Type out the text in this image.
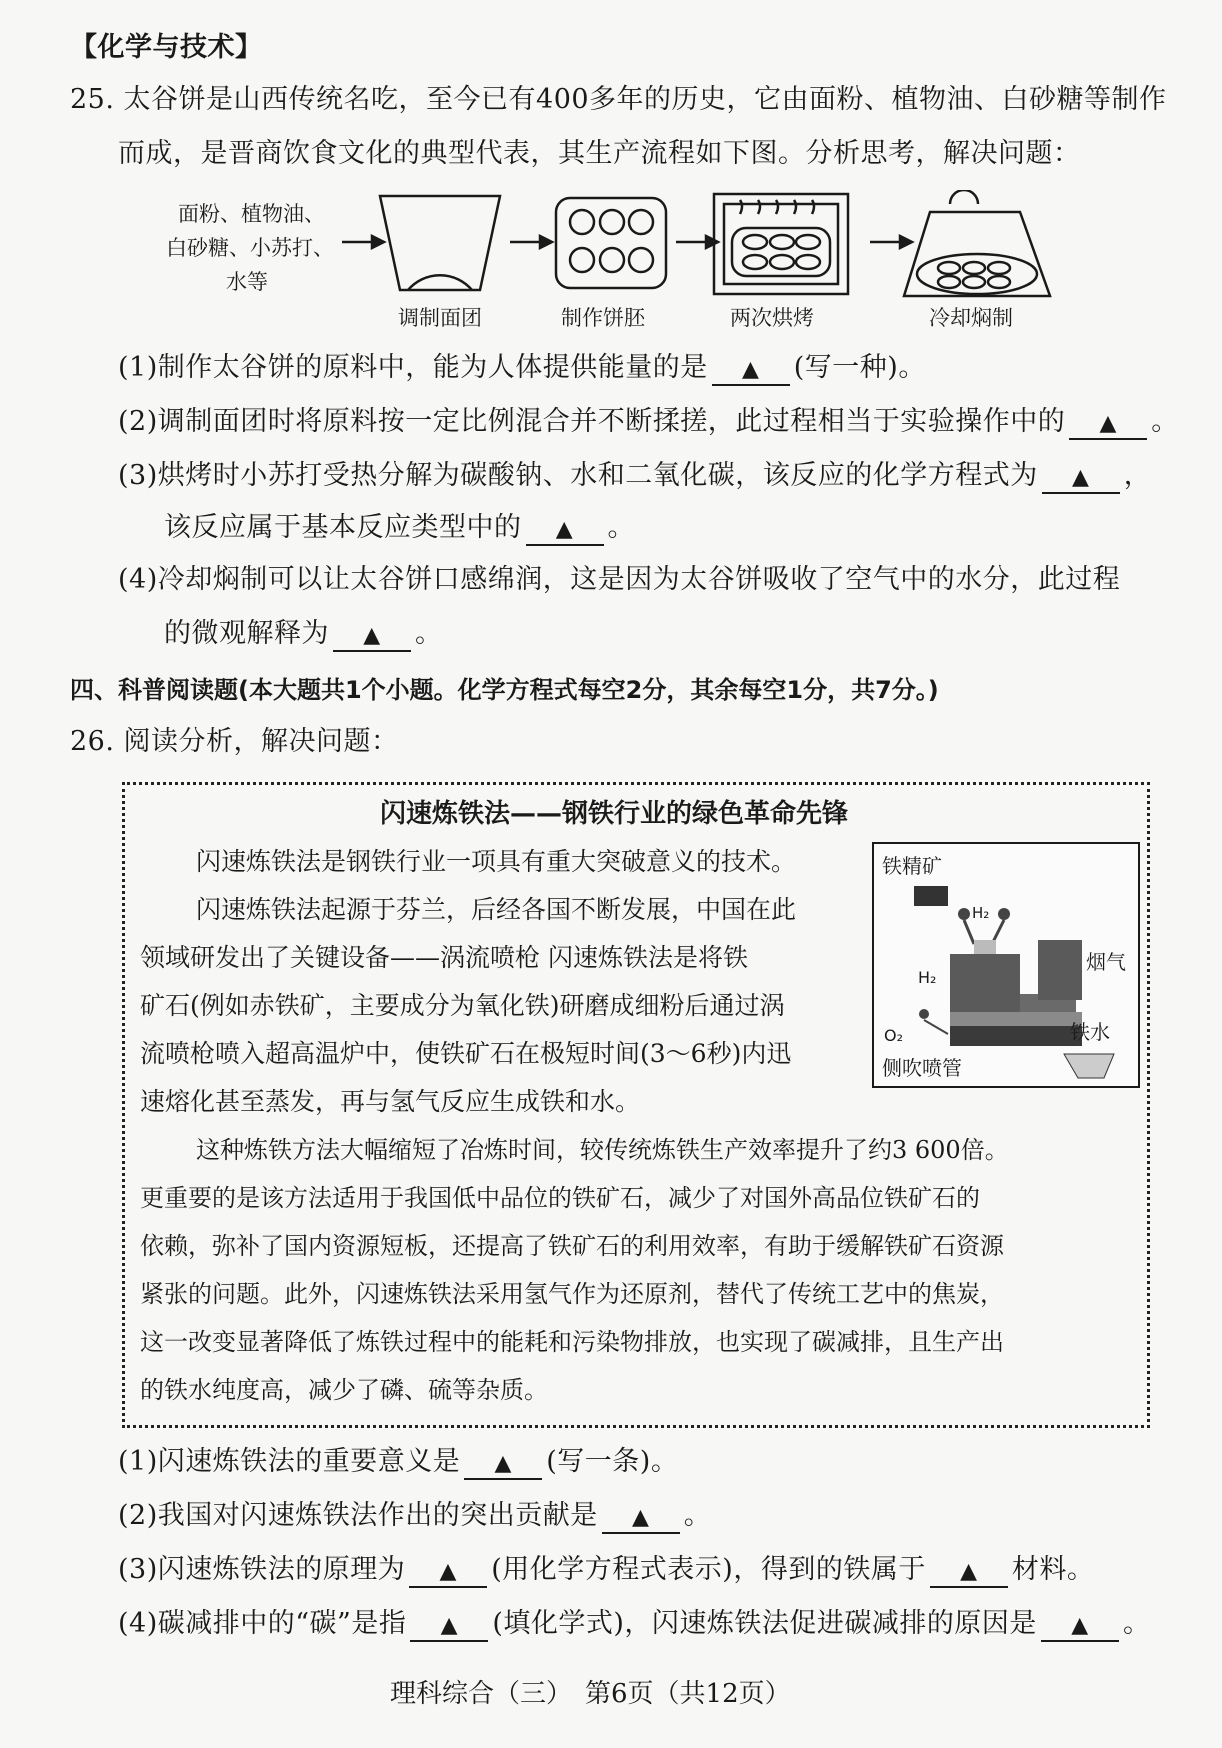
【化学与技术】
25. 太谷饼是山西传统名吃，至今已有400多年的历史，它由面粉、植物油、白砂糖等制作
而成，是晋商饮食文化的典型代表，其生产流程如下图。分析思考，解决问题：
面粉、植物油、
白砂糖、小苏打、
水等
调制面团	制作饼胚	两次烘烤	冷却焖制
(1)制作太谷饼的原料中，能为人体提供能量的是 ▲ (写一种)。
(2)调制面团时将原料按一定比例混合并不断揉搓，此过程相当于实验操作中的 ▲ 。
(3)烘烤时小苏打受热分解为碳酸钠、水和二氧化碳，该反应的化学方程式为 ▲ ，
该反应属于基本反应类型中的 ▲ 。
(4)冷却焖制可以让太谷饼口感绵润，这是因为太谷饼吸收了空气中的水分，此过程
的微观解释为 ▲ 。
四、科普阅读题(本大题共1个小题。化学方程式每空2分，其余每空1分，共7分。)
26. 阅读分析，解决问题：
闪速炼铁法——钢铁行业的绿色革命先锋
闪速炼铁法是钢铁行业一项具有重大突破意义的技术。
闪速炼铁法起源于芬兰，后经各国不断发展，中国在此
领域研发出了关键设备——涡流喷枪 闪速炼铁法是将铁
矿石(例如赤铁矿，主要成分为氧化铁)研磨成细粉后通过涡
流喷枪喷入超高温炉中，使铁矿石在极短时间(3～6秒)内迅
速熔化甚至蒸发，再与氢气反应生成铁和水。
这种炼铁方法大幅缩短了冶炼时间，较传统炼铁生产效率提升了约3 600倍。
更重要的是该方法适用于我国低中品位的铁矿石，减少了对国外高品位铁矿石的
依赖，弥补了国内资源短板，还提高了铁矿石的利用效率，有助于缓解铁矿石资源
紧张的问题。此外，闪速炼铁法采用氢气作为还原剂，替代了传统工艺中的焦炭，
这一改变显著降低了炼铁过程中的能耗和污染物排放，也实现了碳减排，且生产出
的铁水纯度高，减少了磷、硫等杂质。
铁精矿
H₂
烟气
H₂
O₂	铁水
侧吹喷管
(1)闪速炼铁法的重要意义是 ▲ (写一条)。
(2)我国对闪速炼铁法作出的突出贡献是 ▲ 。
(3)闪速炼铁法的原理为 ▲ (用化学方程式表示)，得到的铁属于 ▲ 材料。
(4)碳减排中的“碳”是指 ▲ (填化学式)，闪速炼铁法促进碳减排的原因是 ▲ 。
理科综合（三）　第6页（共12页）
